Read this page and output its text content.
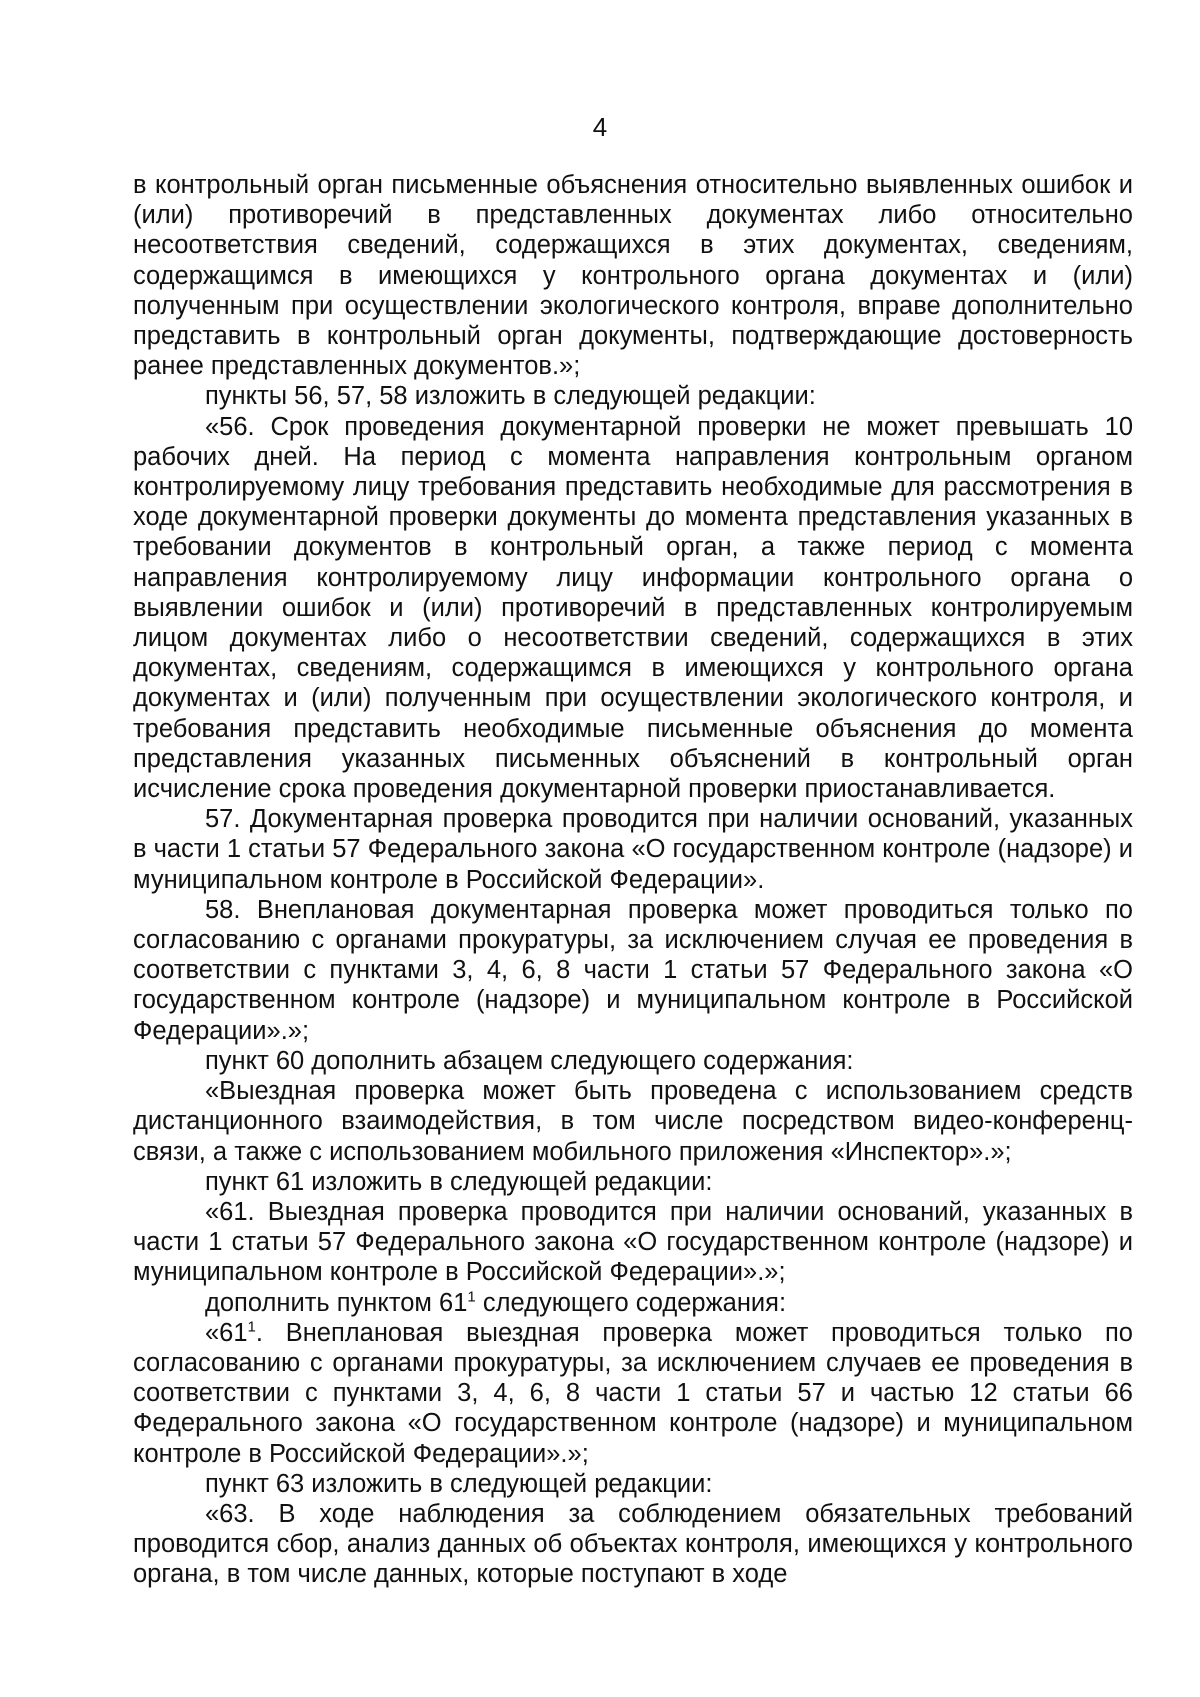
4

в контрольный орган письменные объяснения относительно выявленных ошибок и (или) противоречий в представленных документах либо относительно несоответствия сведений, содержащихся в этих документах, сведениям, содержащимся в имеющихся у контрольного органа документах и (или) полученным при осуществлении экологического контроля, вправе дополнительно представить в контрольный орган документы, подтверждающие достоверность ранее представленных документов.»;

пункты 56, 57, 58 изложить в следующей редакции:

«56. Срок проведения документарной проверки не может превышать 10 рабочих дней. На период с момента направления контрольным органом контролируемому лицу требования представить необходимые для рассмотрения в ходе документарной проверки документы до момента представления указанных в требовании документов в контрольный орган, а также период с момента направления контролируемому лицу информации контрольного органа о выявлении ошибок и (или) противоречий в представленных контролируемым лицом документах либо о несоответствии сведений, содержащихся в этих документах, сведениям, содержащимся в имеющихся у контрольного органа документах и (или) полученным при осуществлении экологического контроля, и требования представить необходимые письменные объяснения до момента представления указанных письменных объяснений в контрольный орган исчисление срока проведения документарной проверки приостанавливается.

57. Документарная проверка проводится при наличии оснований, указанных в части 1 статьи 57 Федерального закона «О государственном контроле (надзоре) и муниципальном контроле в Российской Федерации».

58. Внеплановая документарная проверка может проводиться только по согласованию с органами прокуратуры, за исключением случая ее проведения в соответствии с пунктами 3, 4, 6, 8 части 1 статьи 57 Федерального закона «О государственном контроле (надзоре) и муниципальном контроле в Российской Федерации».»;

пункт 60 дополнить абзацем следующего содержания:

«Выездная проверка может быть проведена с использованием средств дистанционного взаимодействия, в том числе посредством видео-конференц-связи, а также с использованием мобильного приложения «Инспектор».»;

пункт 61 изложить в следующей редакции:

«61. Выездная проверка проводится при наличии оснований, указанных в части 1 статьи 57 Федерального закона «О государственном контроле (надзоре) и муниципальном контроле в Российской Федерации».»;

дополнить пунктом $61^1$ следующего содержания:

«$61^1$. Внеплановая выездная проверка может проводиться только по согласованию с органами прокуратуры, за исключением случаев ее проведения в соответствии с пунктами 3, 4, 6, 8 части 1 статьи 57 и частью 12 статьи 66 Федерального закона «О государственном контроле (надзоре) и муниципальном контроле в Российской Федерации».»;

пункт 63 изложить в следующей редакции:

«63. В ходе наблюдения за соблюдением обязательных требований проводится сбор, анализ данных об объектах контроля, имеющихся у контрольного органа, в том числе данных, которые поступают в ходе
